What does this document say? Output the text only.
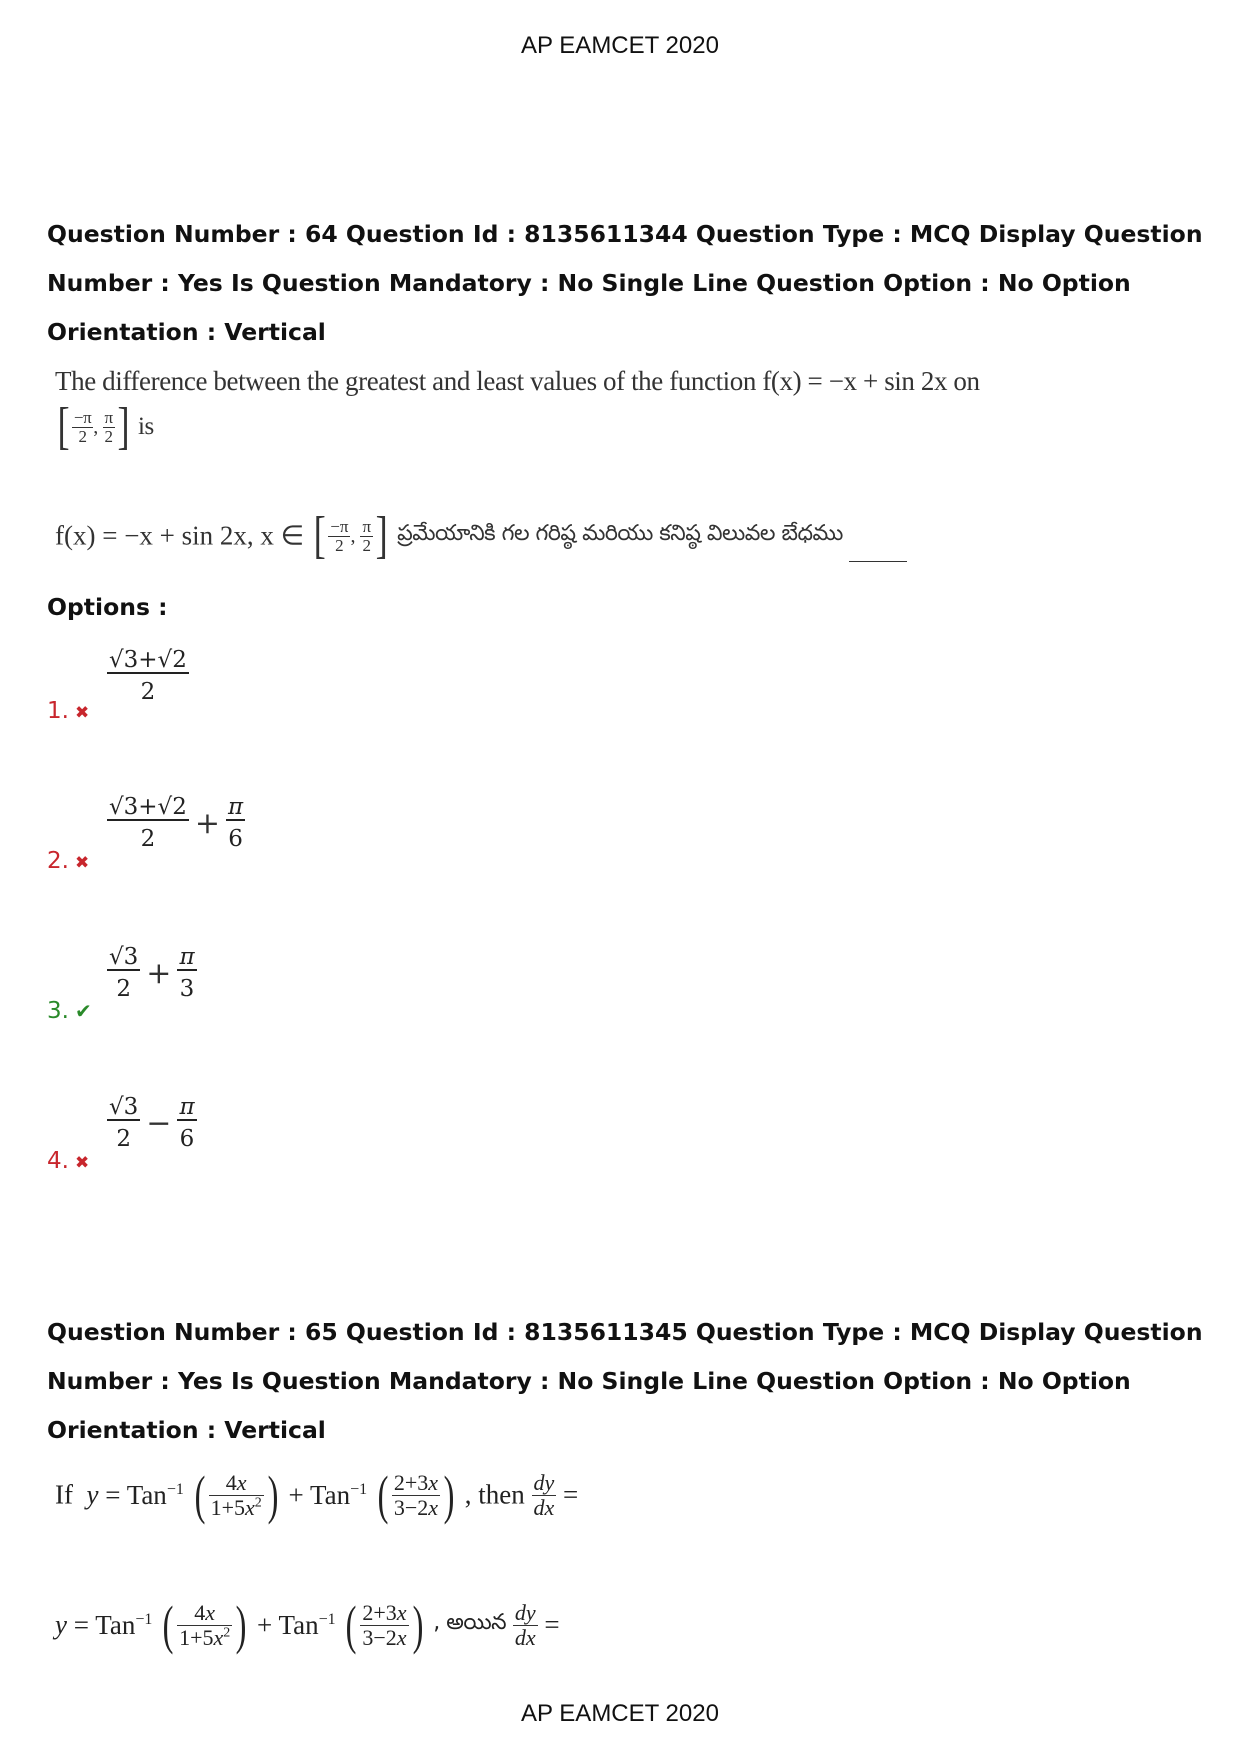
AP EAMCET 2020
Question Number : 64 Question Id : 8135611344 Question Type : MCQ Display Question
Number : Yes Is Question Mandatory : No Single Line Question Option : No Option
Orientation : Vertical
The difference between the greatest and least values of the function f(x) = −x + sin 2x on
[ $\frac{-\pi}{2}$ , $\frac{\pi}{2}$ ] is
f(x) = −x + sin 2x, x ∈ [ $\frac{-\pi}{2}$ , $\frac{\pi}{2}$ ] ప్రమేయానికి గల గరిష్ఠ మరియు కనిష్ఠ విలువల బేధము
Options :
1. ✖
$\frac{√3+√2}{2}$
2. ✖
$\frac{√3+√2}{2} + \frac{\pi}{6}$
3. ✔
$\frac{√3}{2} + \frac{\pi}{3}$
4. ✖
$\frac{√3}{2} - \frac{\pi}{6}$
Question Number : 65 Question Id : 8135611345 Question Type : MCQ Display Question
Number : Yes Is Question Mandatory : No Single Line Question Option : No Option
Orientation : Vertical
If  y = Tan$^{-1}$ ( $\frac{4x}{1+5x^2}$ ) + Tan$^{-1}$ ( $\frac{2+3x}{3-2x}$ ) , then $\frac{dy}{dx}$ =
y = Tan$^{-1}$ ( $\frac{4x}{1+5x^2}$ ) + Tan$^{-1}$ ( $\frac{2+3x}{3-2x}$ ) , అయిన $\frac{dy}{dx}$ =
AP EAMCET 2020
